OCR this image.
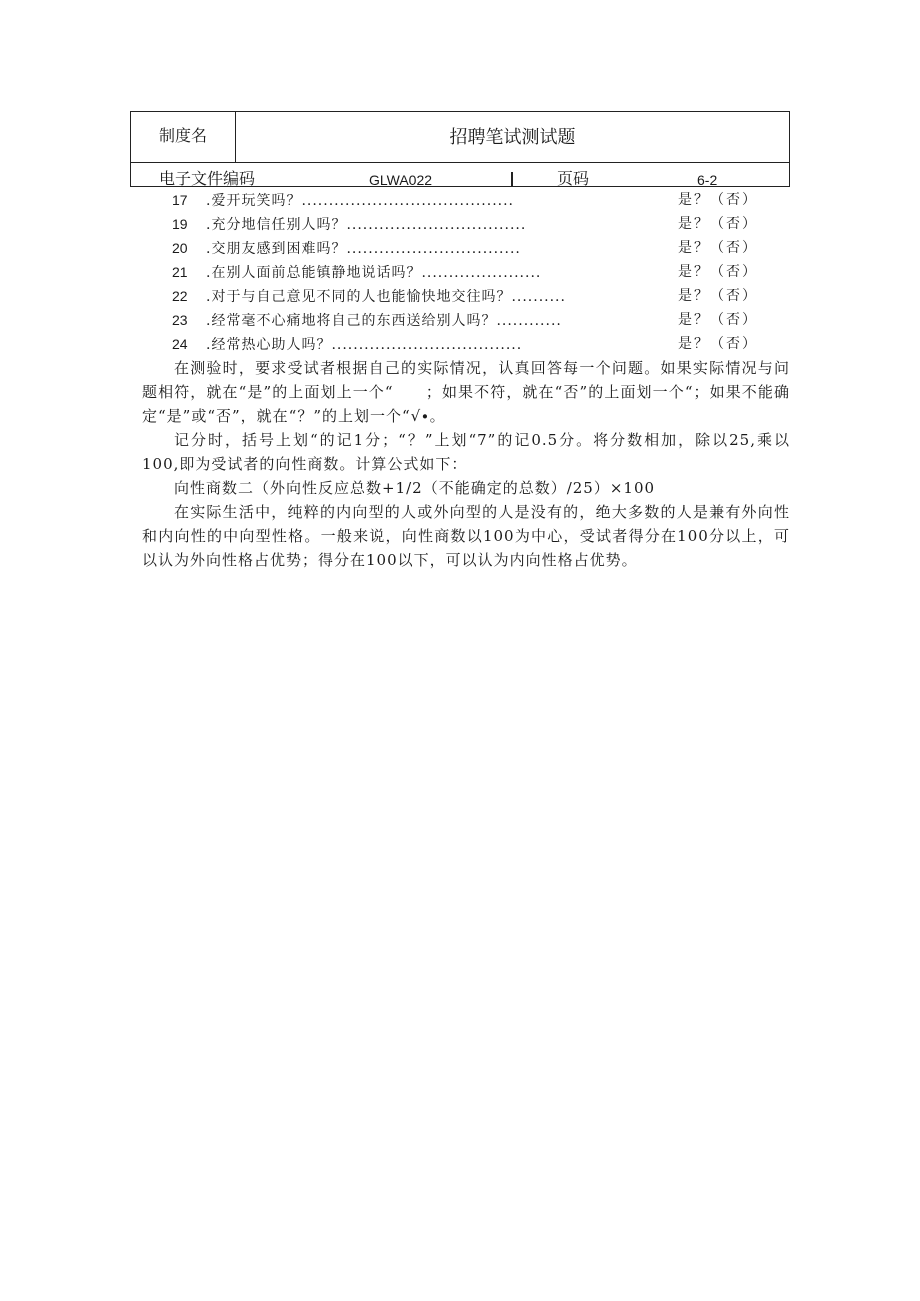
制度名	招聘笔试测试题
电子文件编码	GLWA022	页码	6-2
17 .爱开玩笑吗？.......................................	是？（否）
19 .充分地信任别人吗？.................................	是？（否）
20 .交朋友感到困难吗？................................	是？（否）
21 .在别人面前总能镇静地说话吗？......................	是？（否）
22 .对于与自己意见不同的人也能愉快地交往吗？..........	是？（否）
23 .经常毫不心痛地将自己的东西送给别人吗？............	是？（否）
24 .经常热心助人吗？...................................	是？（否）

在测验时，要求受试者根据自己的实际情况，认真回答每一个问题。如果实际情况与问题相符，就在“是”的上面划上一个“　　；如果不符，就在“否”的上面划一个“；如果不能确定“是”或“否”，就在“？”的上划一个“√∙。

记分时，括号上划“的记1分；“？”上划“7”的记0.5分。将分数相加，除以25,乘以100,即为受试者的向性商数。计算公式如下：

向性商数二（外向性反应总数+1/2（不能确定的总数）/25）×100

在实际生活中，纯粹的内向型的人或外向型的人是没有的，绝大多数的人是兼有外向性和内向性的中向型性格。一般来说，向性商数以100为中心，受试者得分在100分以上，可以认为外向性格占优势；得分在100以下，可以认为内向性格占优势。
